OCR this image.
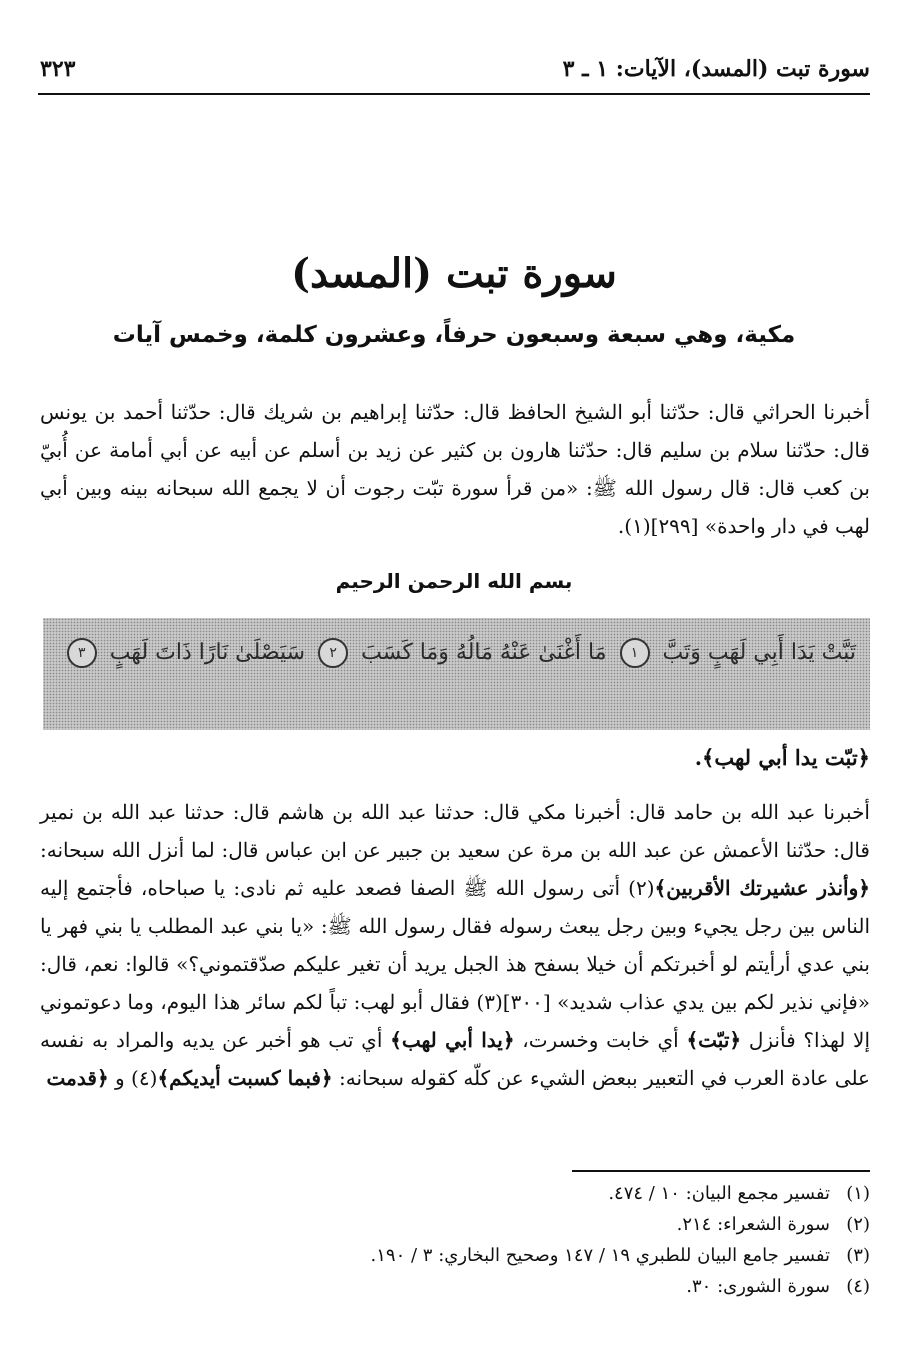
سورة تبت (المسد)، الآيات: ١ ـ ٣
٣٢٣
سورة تبت (المسد)
مكية، وهي سبعة وسبعون حرفاً، وعشرون كلمة، وخمس آيات
أخبرنا الحراثي قال: حدّثنا أبو الشيخ الحافظ قال: حدّثنا إبراهيم بن شريك قال: حدّثنا أحمد بن يونس قال: حدّثنا سلام بن سليم قال: حدّثنا هارون بن كثير عن زيد بن أسلم عن أبيه عن أبي أمامة عن أُبيّ بن كعب قال: قال رسول الله ﷺ: «من قرأ سورة تبّت رجوت أن لا يجمع الله سبحانه بينه وبين أبي لهب في دار واحدة» [٢٩٩](١).
بسم الله الرحمن الرحيم
تَبَّتْ يَدَا أَبِي لَهَبٍ وَتَبَّ ١ مَا أَغْنَىٰ عَنْهُ مَالُهُ وَمَا كَسَبَ ٢ سَيَصْلَىٰ نَارًا ذَاتَ لَهَبٍ ٣
﴿تبّت يدا أبي لهب﴾.
أخبرنا عبد الله بن حامد قال: أخبرنا مكي قال: حدثنا عبد الله بن هاشم قال: حدثنا عبد الله بن نمير قال: حدّثنا الأعمش عن عبد الله بن مرة عن سعيد بن جبير عن ابن عباس قال: لما أنزل الله سبحانه: ﴿وأنذر عشيرتك الأقربين﴾(٢) أتى رسول الله ﷺ الصفا فصعد عليه ثم نادى: يا صباحاه، فأجتمع إليه الناس بين رجل يجيء وبين رجل يبعث رسوله فقال رسول الله ﷺ: «يا بني عبد المطلب يا بني فهر يا بني عدي أرأيتم لو أخبرتكم أن خيلا بسفح هذ الجبل يريد أن تغير عليكم صدّقتموني؟» قالوا: نعم، قال: «فإني نذير لكم بين يدي عذاب شديد» [٣٠٠](٣) فقال أبو لهب: تباً لكم سائر هذا اليوم، وما دعوتموني إلا لهذا؟ فأنزل ﴿تبّت﴾ أي خابت وخسرت، ﴿يدا أبي لهب﴾ أي تب هو أخبر عن يديه والمراد به نفسه على عادة العرب في التعبير ببعض الشيء عن كلّه كقوله سبحانه: ﴿فبما كسبت أيديكم﴾(٤) و ﴿قدمت
(١)
تفسير مجمع البيان: ١٠ / ٤٧٤.
(٢)
سورة الشعراء: ٢١٤.
(٣)
تفسير جامع البيان للطبري ١٩ / ١٤٧ وصحيح البخاري: ٣ / ١٩٠.
(٤)
سورة الشورى: ٣٠.
